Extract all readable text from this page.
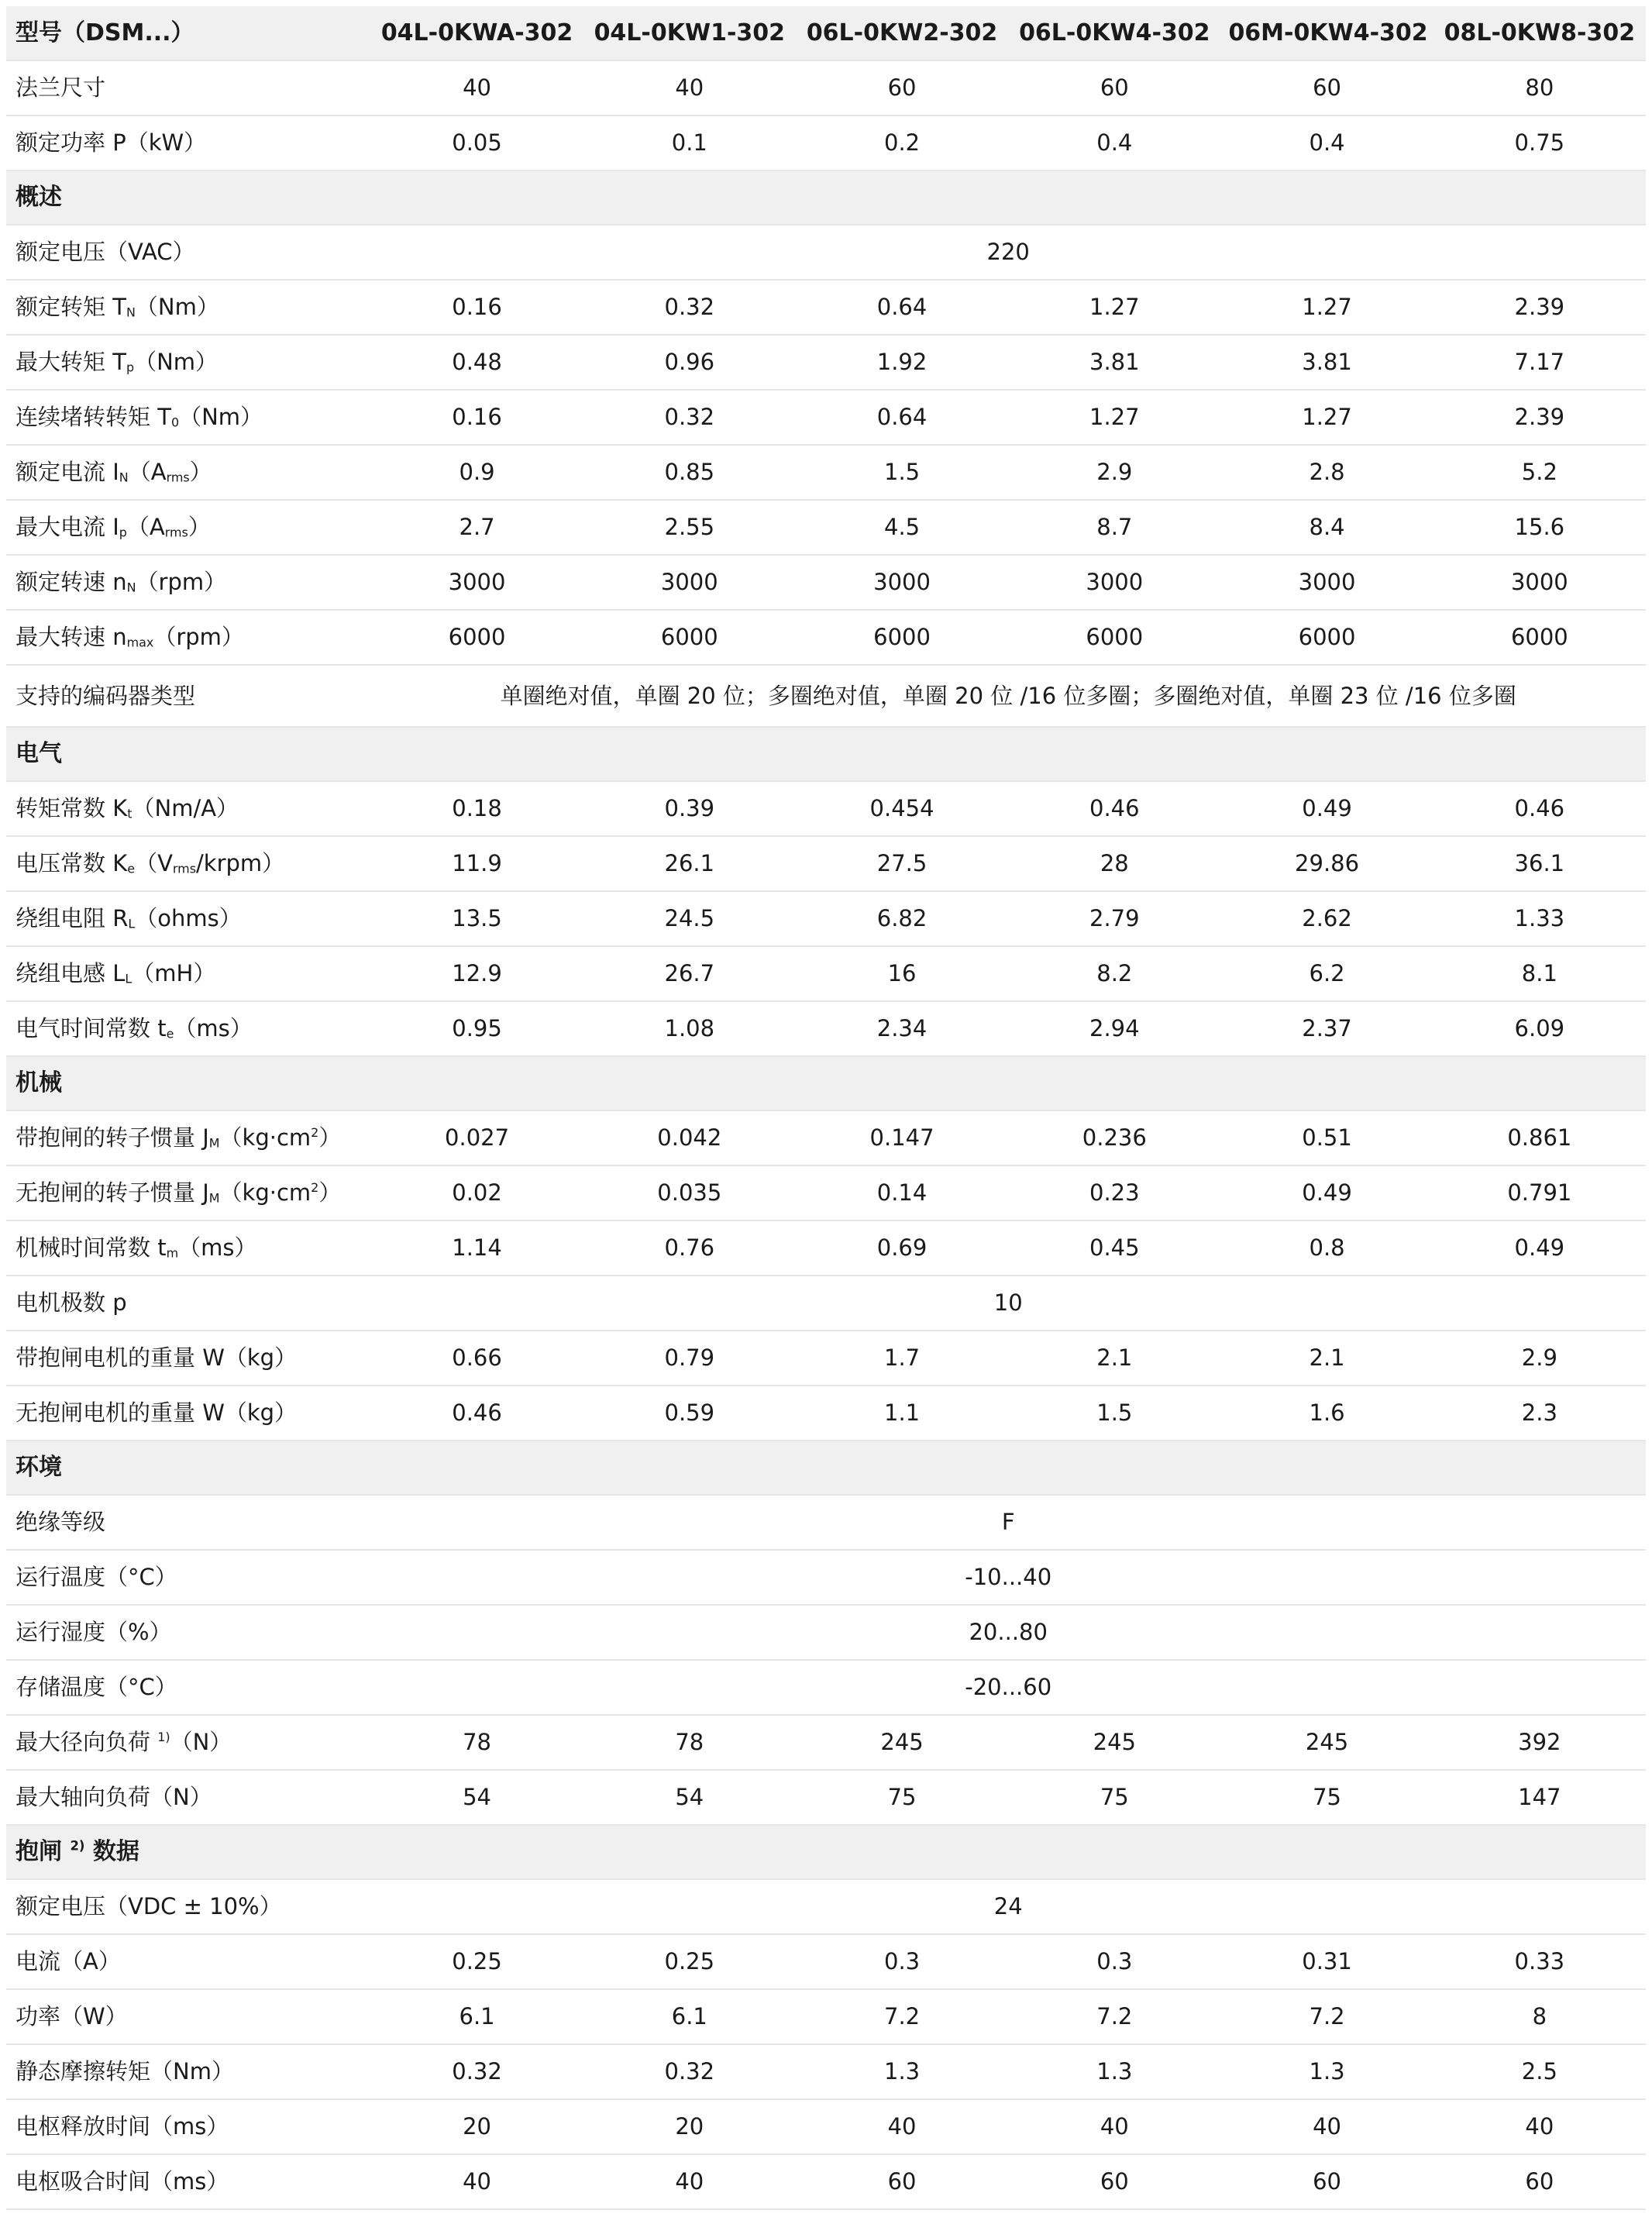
型号（DSM...）	04L-0KWA-302	04L-0KW1-302	06L-0KW2-302	06L-0KW4-302	06M-0KW4-302	08L-0KW8-302
法兰尺寸	40	40	60	60	60	80
额定功率 P（kW）	0.05	0.1	0.2	0.4	0.4	0.75
概述						
额定电压（VAC）	220					
额定转矩 $T_N(Nm)$	0.16	0.32	0.64	1.27	1.27	2.39
最大转矩 $T_p(Nm)$	0.48	0.96	1.92	3.81	3.81	7.17
连续堵转转矩 $T_0(Nm)$	0.16	0.32	0.64	1.27	1.27	2.39
额定电流 $I_N(A_{rms})$	0.9	0.85	1.5	2.9	2.8	5.2
最大电流 $I_p(A_{rms})$	2.7	2.55	4.5	8.7	8.4	15.6
额定转速 $n_N(rpm)$	3000	3000	3000	3000	3000	3000
最大转速 $n_{max}(rpm)$	6000	6000	6000	6000	6000	6000
支持的编码器类型	单圈绝对值，单圈 20 位；多圈绝对值，单圈 20 位 /16 位多圈；多圈绝对值，单圈 23 位 /16 位多圈					
电气						
转矩常数 $K_t(Nm/A)$	0.18	0.39	0.454	0.46	0.49	0.46
电压常数 $K_e(V_{rms}/krpm)$	11.9	26.1	27.5	28	29.86	36.1
绕组电阻 $R_L(ohms)$	13.5	24.5	6.82	2.79	2.62	1.33
绕组电感 $L_L(mH)$	12.9	26.7	16	8.2	6.2	8.1
电气时间常数 $t_e(ms)$	0.95	1.08	2.34	2.94	2.37	6.09
机械						
带抱闸的转子惯量 $J_M(kg\cdot cm^2)$	0.027	0.042	0.147	0.236	0.51	0.861
无抱闸的转子惯量 $J_M(kg\cdot cm^2)$	0.02	0.035	0.14	0.23	0.49	0.791
机械时间常数 $t_m(ms)$	1.14	0.76	0.69	0.45	0.8	0.49
电机极数 p	10					
带抱闸电机的重量 W（kg）	0.66	0.79	1.7	2.1	2.1	2.9
无抱闸电机的重量 W（kg）	0.46	0.59	1.1	1.5	1.6	2.3
环境						
绝缘等级	F					
运行温度（°C）	-10...40					
运行湿度（%）	20...80					
存储温度（°C）	-20...60					
最大径向负荷 $^{1)}$（N）	78	78	245	245	245	392
最大轴向负荷（N）	54	54	75	75	75	147
抱闸 $^{2)}$ 数据						
额定电压（VDC ± 10%）	24					
电流（A）	0.25	0.25	0.3	0.3	0.31	0.33
功率（W）	6.1	6.1	7.2	7.2	7.2	8
静态摩擦转矩（Nm）	0.32	0.32	1.3	1.3	1.3	2.5
电枢释放时间（ms）	20	20	40	40	40	40
电枢吸合时间（ms）	40	40	60	60	60	60
